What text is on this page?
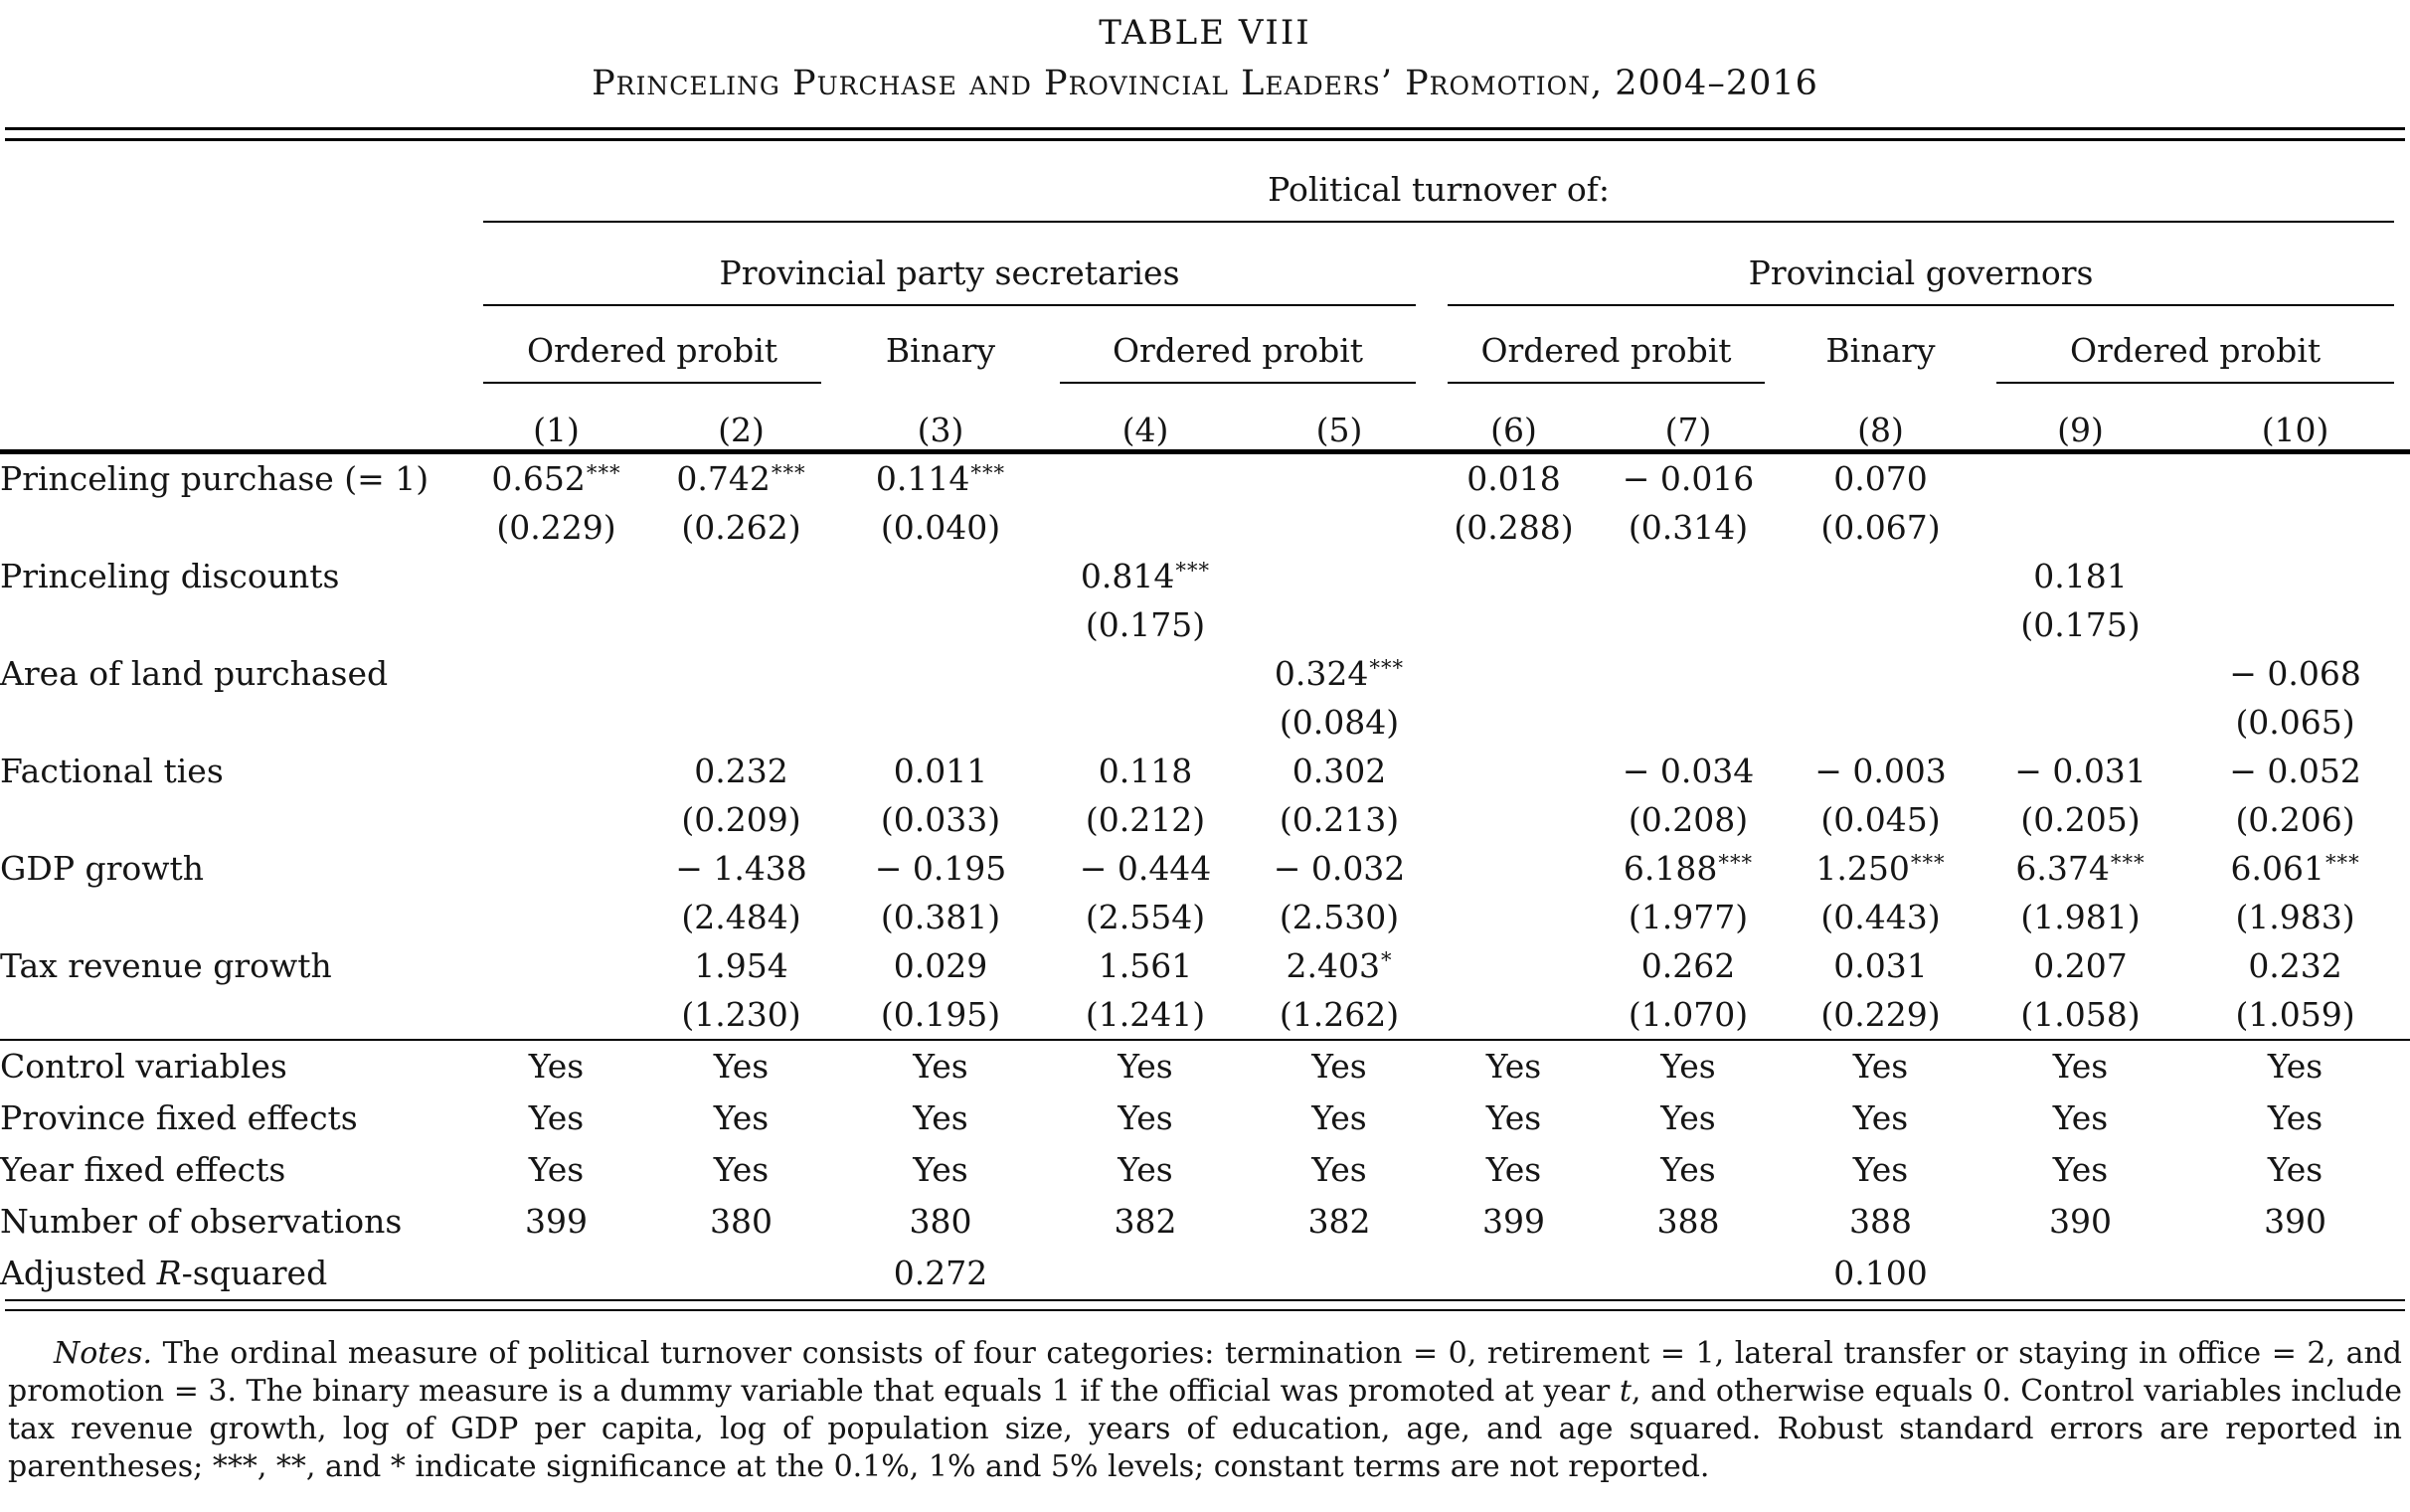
TABLE VIII
Princeling Purchase and Provincial Leaders’ Promotion, 2004–2016

	Political turnover of:									

	Provincial party secretaries					Provincial governors				

	Ordered probit		Binary	Ordered probit		Ordered probit		Binary	Ordered probit	

	(1)	(2)	(3)	(4)	(5)	(6)	(7)	(8)	(9)	(10)
Princeling purchase (= 1)	0.652***	0.742***	0.114***			0.018	− 0.016	0.070		
	(0.229)	(0.262)	(0.040)			(0.288)	(0.314)	(0.067)		
Princeling discounts				0.814***					0.181	
				(0.175)					(0.175)	
Area of land purchased					0.324***					− 0.068
					(0.084)					(0.065)
Factional ties		0.232	0.011	0.118	0.302		− 0.034	− 0.003	− 0.031	− 0.052
		(0.209)	(0.033)	(0.212)	(0.213)		(0.208)	(0.045)	(0.205)	(0.206)
GDP growth		− 1.438	− 0.195	− 0.444	− 0.032		6.188***	1.250***	6.374***	6.061***
		(2.484)	(0.381)	(2.554)	(2.530)		(1.977)	(0.443)	(1.981)	(1.983)
Tax revenue growth		1.954	0.029	1.561	2.403*		0.262	0.031	0.207	0.232
		(1.230)	(0.195)	(1.241)	(1.262)		(1.070)	(0.229)	(1.058)	(1.059)
Control variables	Yes	Yes	Yes	Yes	Yes	Yes	Yes	Yes	Yes	Yes
Province fixed effects	Yes	Yes	Yes	Yes	Yes	Yes	Yes	Yes	Yes	Yes
Year fixed effects	Yes	Yes	Yes	Yes	Yes	Yes	Yes	Yes	Yes	Yes
Number of observations	399	380	380	382	382	399	388	388	390	390
Adjusted R-squared			0.272					0.100		

Notes. The ordinal measure of political turnover consists of four categories: termination = 0, retirement = 1, lateral transfer or staying in office = 2, and promotion = 3. The binary measure is a dummy variable that equals 1 if the official was promoted at year t, and otherwise equals 0. Control variables include tax revenue growth, log of GDP per capita, log of population size, years of education, age, and age squared. Robust standard errors are reported in parentheses; ***, **, and * indicate significance at the 0.1%, 1% and 5% levels; constant terms are not reported.
